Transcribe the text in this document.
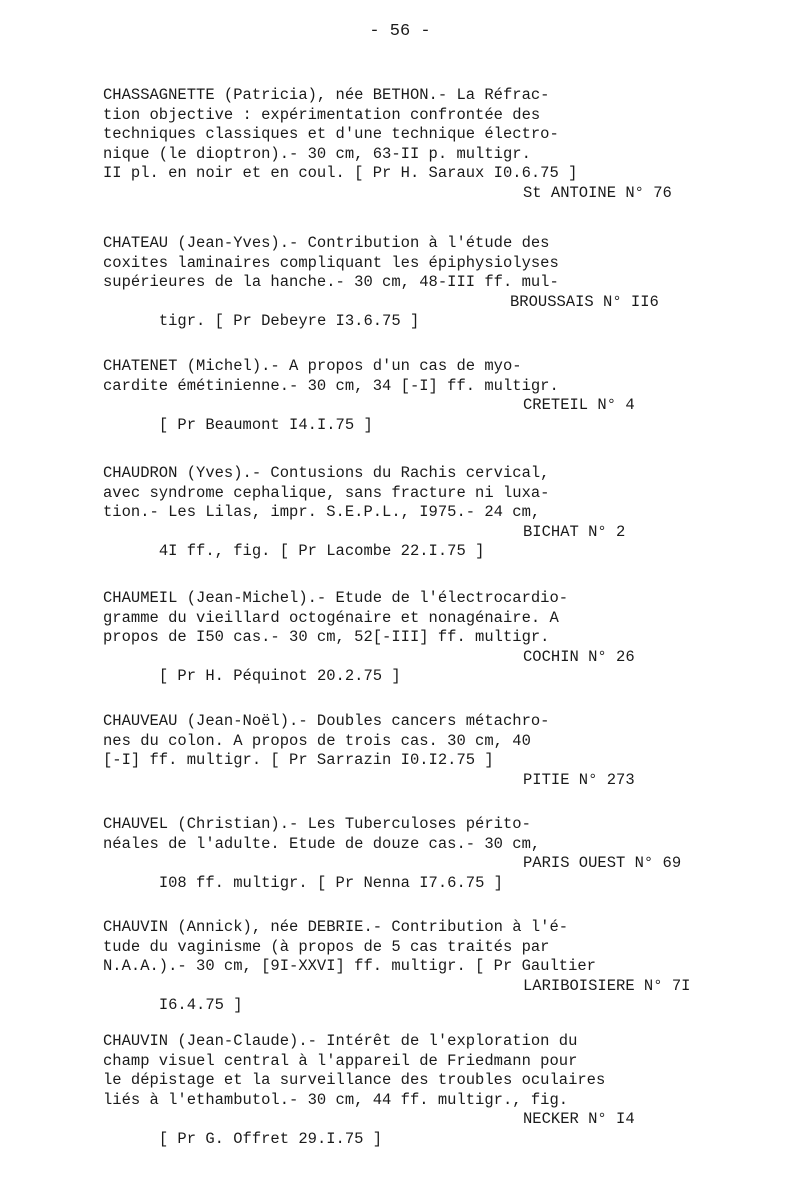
- 56 -
CHASSAGNETTE (Patricia), née BETHON.- La Réfrac-
tion objective : expérimentation confrontée des
techniques classiques et d'une technique électro-
nique (le dioptron).- 30 cm, 63-II p. multigr.
II pl. en noir et en coul. [ Pr H. Saraux I0.6.75 ]

St ANTOINE N° 76

CHATEAU (Jean-Yves).- Contribution à l'étude des
coxites laminaires compliquant les épiphysiolyses
supérieures de la hanche.- 30 cm, 48-III ff. mul-

tigr. [ Pr Debeyre I3.6.75 ]

BROUSSAIS N° II6

CHATENET (Michel).- A propos d'un cas de myo-
cardite émétinienne.- 30 cm, 34 [-I] ff. multigr.

[ Pr Beaumont I4.I.75 ]

CRETEIL N° 4

CHAUDRON (Yves).- Contusions du Rachis cervical,
avec syndrome cephalique, sans fracture ni luxa-
tion.- Les Lilas, impr. S.E.P.L., I975.- 24 cm,

4I ff., fig. [ Pr Lacombe 22.I.75 ]

BICHAT N° 2

CHAUMEIL (Jean-Michel).- Etude de l'électrocardio-
gramme du vieillard octogénaire et nonagénaire. A
propos de I50 cas.- 30 cm, 52[-III] ff. multigr.

[ Pr H. Péquinot 20.2.75 ]

COCHIN N° 26

CHAUVEAU (Jean-Noël).- Doubles cancers métachro-
nes du colon. A propos de trois cas. 30 cm, 40
[-I] ff. multigr. [ Pr Sarrazin I0.I2.75 ]

PITIE N° 273

CHAUVEL (Christian).- Les Tuberculoses périto-
néales de l'adulte. Etude de douze cas.- 30 cm,

I08 ff. multigr. [ Pr Nenna I7.6.75 ]

PARIS OUEST N° 69

CHAUVIN (Annick), née DEBRIE.- Contribution à l'é-
tude du vaginisme (à propos de 5 cas traités par
N.A.A.).- 30 cm, [9I-XXVI] ff. multigr. [ Pr Gaultier

I6.4.75 ]

LARIBOISIERE N° 7I

CHAUVIN (Jean-Claude).- Intérêt de l'exploration du
champ visuel central à l'appareil de Friedmann pour
le dépistage et la surveillance des troubles oculaires
liés à l'ethambutol.- 30 cm, 44 ff. multigr., fig.

[ Pr G. Offret 29.I.75 ]

NECKER N° I4
